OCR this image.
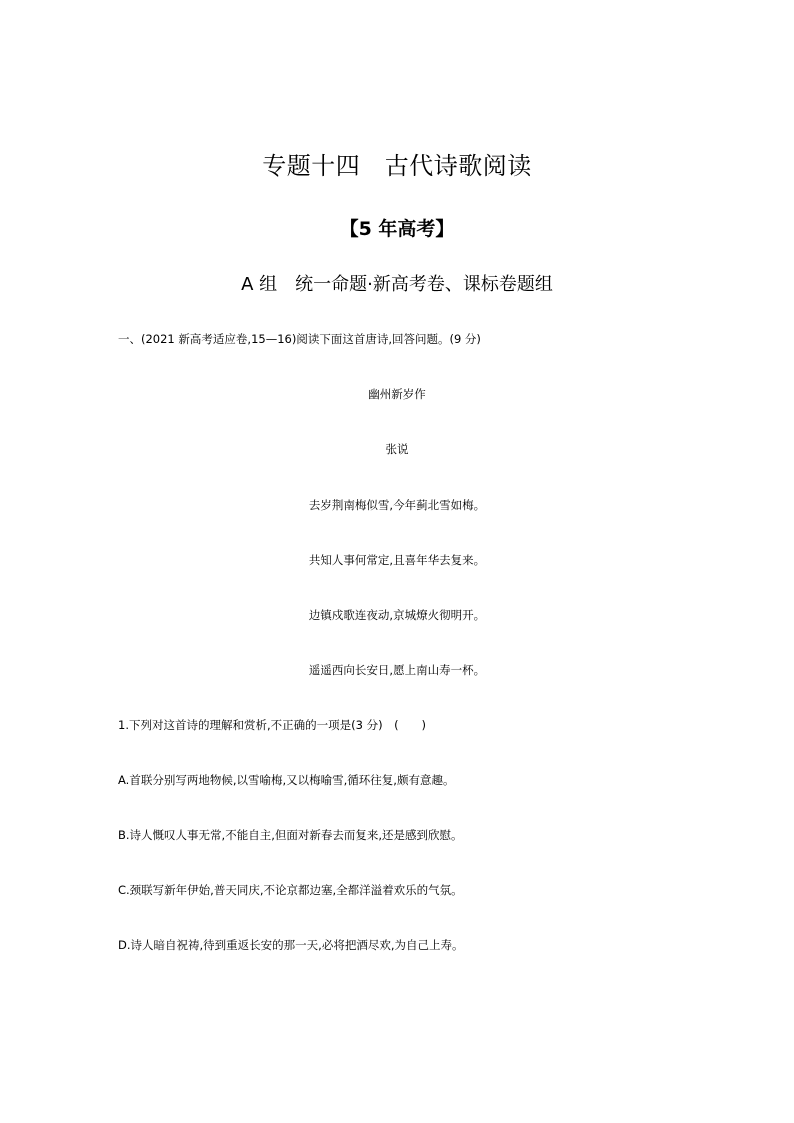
专题十四　古代诗歌阅读
【5 年高考】
A 组　统一命题·新高考卷、课标卷题组
一、(2021 新高考适应卷,15—16)阅读下面这首唐诗,回答问题。(9 分)
幽州新岁作
张说
去岁荆南梅似雪,今年蓟北雪如梅。
共知人事何常定,且喜年华去复来。
边镇戍歌连夜动,京城燎火彻明开。
遥遥西向长安日,愿上南山寿一杯。
1.下列对这首诗的理解和赏析,不正确的一项是(3 分)　(　　)
A.首联分别写两地物候,以雪喻梅,又以梅喻雪,循环往复,颇有意趣。
B.诗人慨叹人事无常,不能自主,但面对新春去而复来,还是感到欣慰。
C.颈联写新年伊始,普天同庆,不论京都边塞,全都洋溢着欢乐的气氛。
D.诗人暗自祝祷,待到重返长安的那一天,必将把酒尽欢,为自己上寿。
